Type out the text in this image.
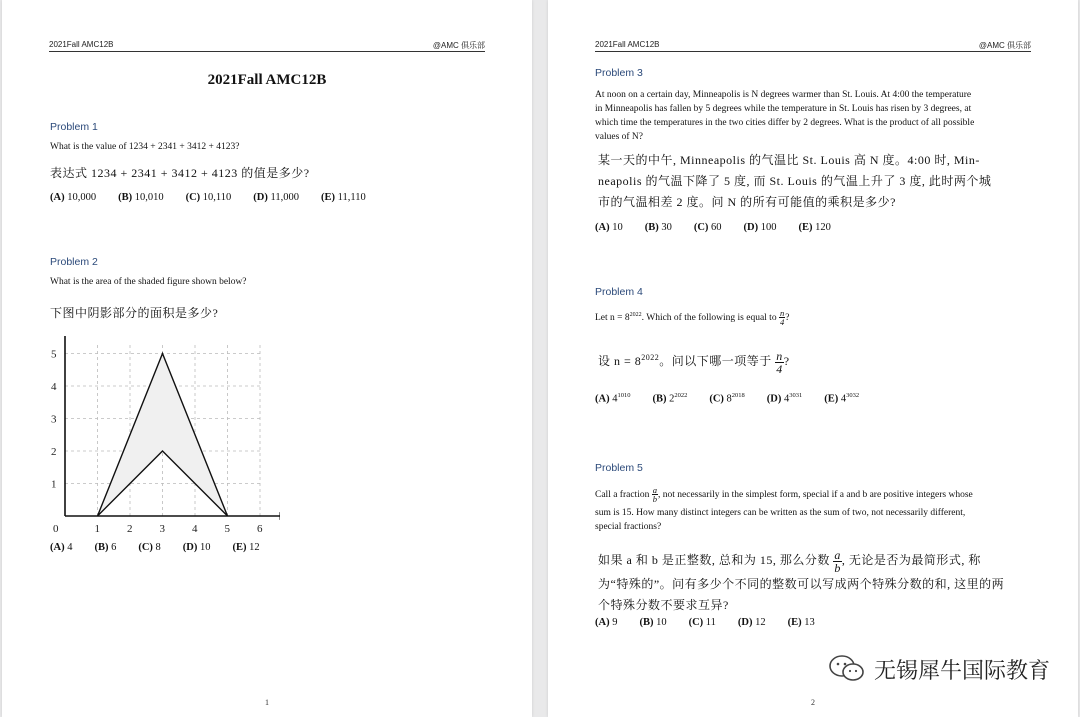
2021Fall AMC12B	@AMC 俱乐部
2021Fall AMC12B
Problem 1
What is the value of 1234 + 2341 + 3412 + 4123?
表达式 1234 + 2341 + 3412 + 4123 的值是多少?
(A) 10,000 (B) 10,010 (C) 10,110 (D) 11,000 (E) 11,110
Problem 2
What is the area of the shaded figure shown below?
下图中阴影部分的面积是多少?
0	1 2 3 4 5 6
1
2
3
4
5
(A) 4 (B) 6 (C) 8 (D) 10 (E) 12
1
2021Fall AMC12B	@AMC 俱乐部
Problem 3
At noon on a certain day, Minneapolis is N degrees warmer than St. Louis. At 4:00 the temperature
in Minneapolis has fallen by 5 degrees while the temperature in St. Louis has risen by 3 degrees, at
which time the temperatures in the two cities differ by 2 degrees. What is the product of all possible
values of N?
某一天的中午, Minneapolis 的气温比 St. Louis 高 N 度。4:00 时, Min-
neapolis 的气温下降了 5 度, 而 St. Louis 的气温上升了 3 度, 此时两个城
市的气温相差 2 度。问 N 的所有可能值的乘积是多少?
(A) 10 (B) 30 (C) 60 (D) 100 (E) 120
Problem 4
Let $n = 8^{2022}$. Which of the following is equal to $\frac{n}{4}$ ?
设 $n = 8^{2022}$。问以下哪一项等于 $\frac{n}{4}$ ?
(A) $4^{1010}$ (B) $2^{2022}$ (C) $8^{2018}$ (D) $4^{3031}$ (E) $4^{3032}$
Problem 5
Call a fraction $\frac{a}{b}$ , not necessarily in the simplest form, special if a and b are positive integers whose
sum is 15. How many distinct integers can be written as the sum of two, not necessarily different,
special fractions?
如果 a 和 b 是正整数, 总和为 15, 那么分数 $\frac{a}{b}$ , 无论是否为最简形式, 称
为“特殊的”。问有多少个不同的整数可以写成两个特殊分数的和, 这里的两
个特殊分数不要求互异?
(A) 9 (B) 10 (C) 11 (D) 12 (E) 13
2
无锡犀牛国际教育
